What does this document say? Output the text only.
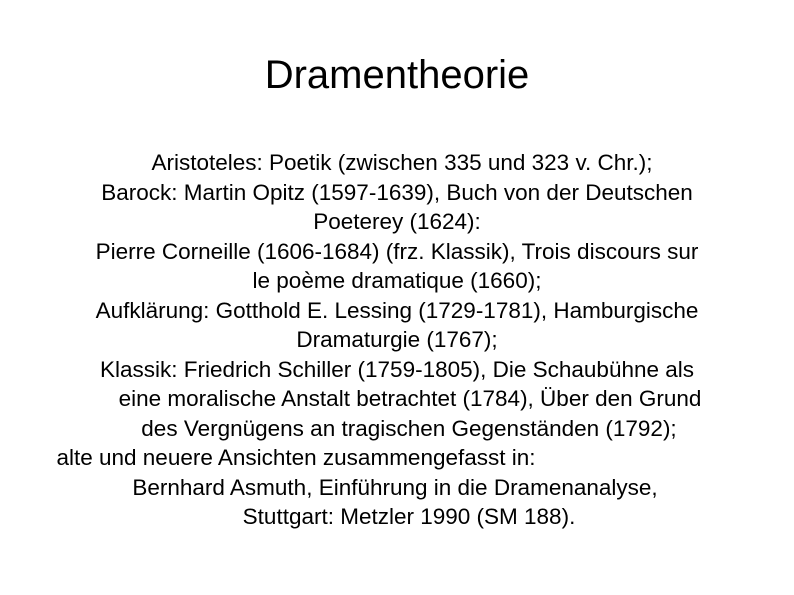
Dramentheorie
Aristoteles: Poetik (zwischen 335 und 323 v. Chr.);
Barock: Martin Opitz (1597-1639), Buch von der Deutschen
Poeterey (1624):
Pierre Corneille (1606-1684) (frz. Klassik), Trois discours sur
le poème dramatique (1660);
Aufklärung: Gotthold E. Lessing (1729-1781), Hamburgische
Dramaturgie (1767);
Klassik: Friedrich Schiller (1759-1805), Die Schaubühne als
eine moralische Anstalt betrachtet (1784), Über den Grund
des Vergnügens an tragischen Gegenständen (1792);
alte und neuere Ansichten zusammengefasst in:
Bernhard Asmuth, Einführung in die Dramenanalyse,
Stuttgart: Metzler 1990 (SM 188).
